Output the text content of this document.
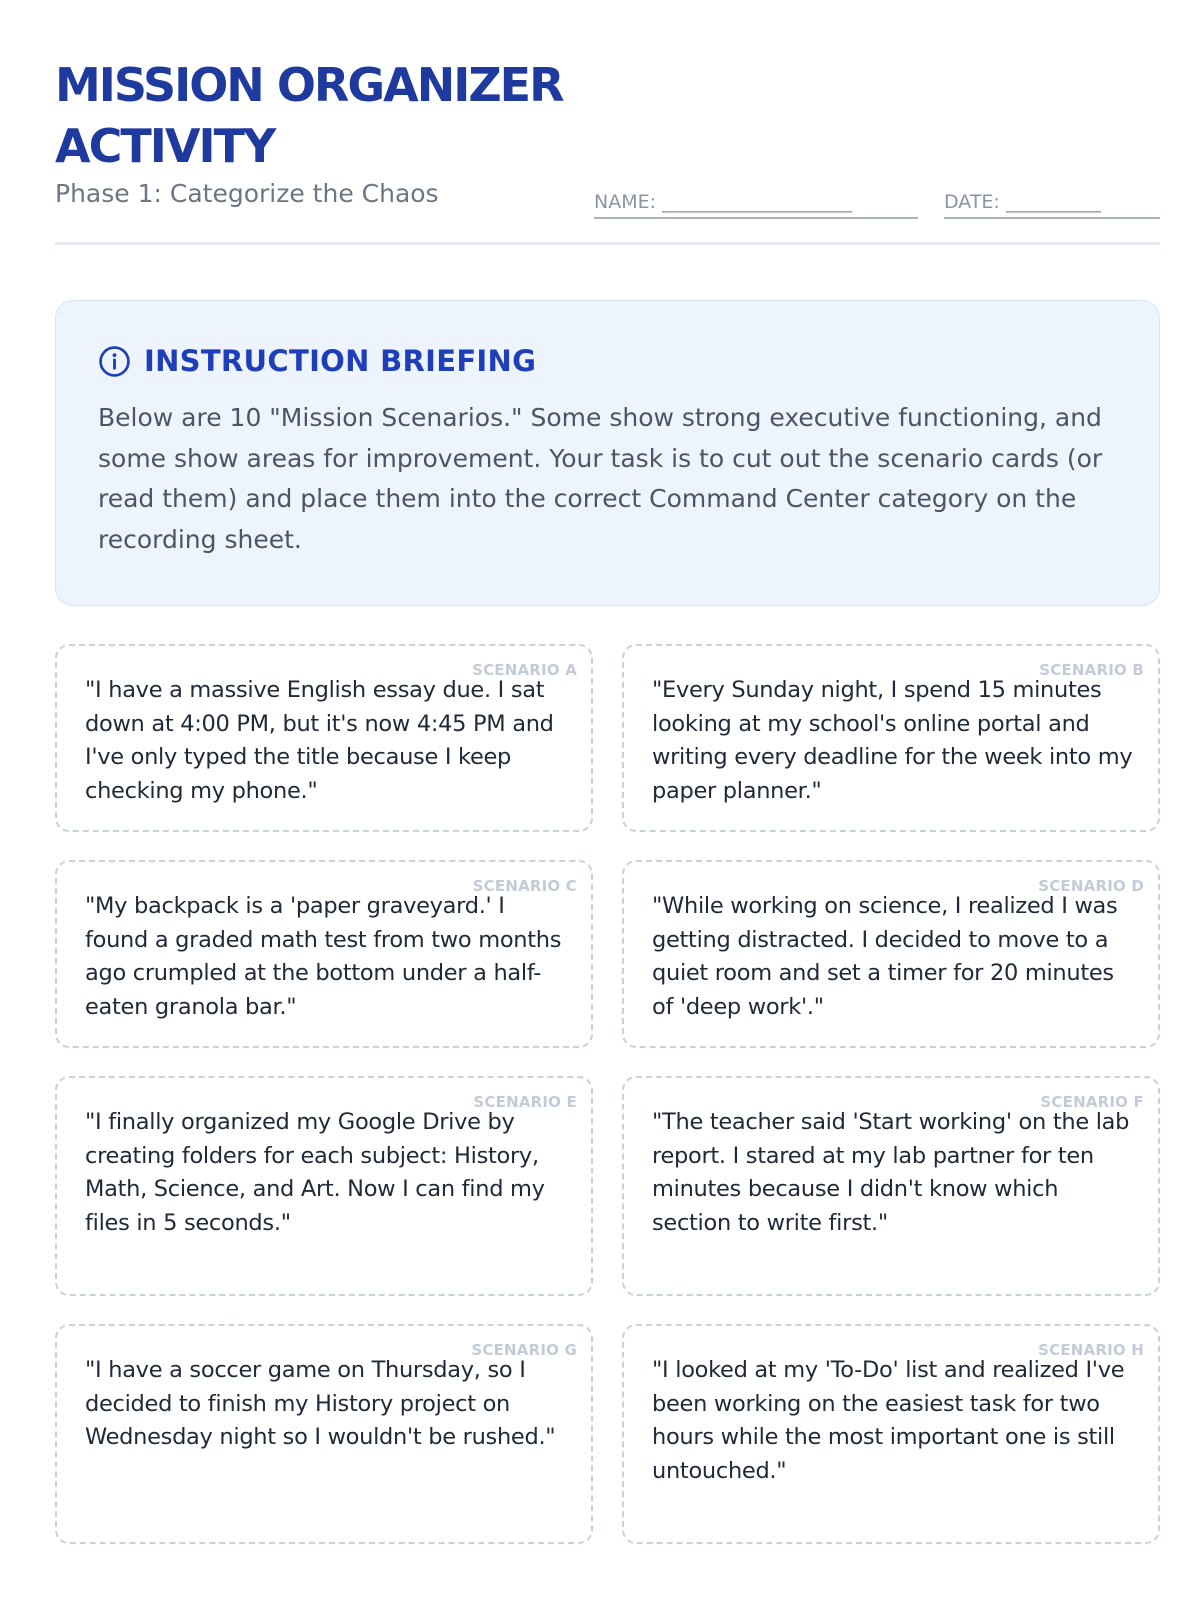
MISSION ORGANIZER ACTIVITY
Phase 1: Categorize the Chaos	NAME: ____________________	DATE: __________
INSTRUCTION BRIEFING

Below are 10 "Mission Scenarios." Some show strong executive functioning, and some show areas for improvement. Your task is to cut out the scenario cards (or read them) and place them into the correct Command Center category on the recording sheet.

SCENARIO A

"I have a massive English essay due. I sat down at 4:00 PM, but it's now 4:45 PM and I've only typed the title because I keep checking my phone."

SCENARIO B

"Every Sunday night, I spend 15 minutes looking at my school's online portal and writing every deadline for the week into my paper planner."

SCENARIO C

"My backpack is a 'paper graveyard.' I found a graded math test from two months ago crumpled at the bottom under a half-eaten granola bar."

SCENARIO D

"While working on science, I realized I was getting distracted. I decided to move to a quiet room and set a timer for 20 minutes of 'deep work'."

SCENARIO E

"I finally organized my Google Drive by creating folders for each subject: History, Math, Science, and Art. Now I can find my files in 5 seconds."

SCENARIO F

"The teacher said 'Start working' on the lab report. I stared at my lab partner for ten minutes because I didn't know which section to write first."

SCENARIO G

"I have a soccer game on Thursday, so I decided to finish my History project on Wednesday night so I wouldn't be rushed."

SCENARIO H

"I looked at my 'To-Do' list and realized I've been working on the easiest task for two hours while the most important one is still untouched."
